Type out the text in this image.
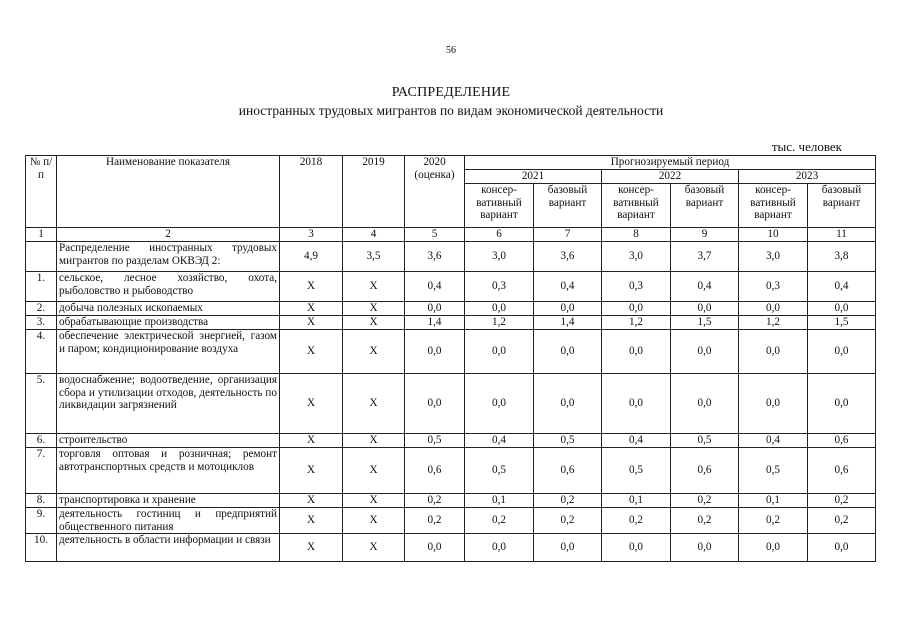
56
РАСПРЕДЕЛЕНИЕ
иностранных трудовых мигрантов по видам экономической деятельности
тыс. человек
№ п/п	Наименование показателя	2018	2019	2020 (оценка)	Прогнозируемый период					
					2021		2022		2023	
					консер-вативный вариант	базовый вариант	консер-вативный вариант	базовый вариант	консер-вативный вариант	базовый вариант
1	2	3	4	5	6	7	8	9	10	11
	Распределение иностранных трудовых мигрантов по разделам ОКВЭД 2:	4,9	3,5	3,6	3,0	3,6	3,0	3,7	3,0	3,8
1.	сельское, лесное хозяйство, охота, рыболовство и рыбоводство	Х	Х	0,4	0,3	0,4	0,3	0,4	0,3	0,4
2.	добыча полезных ископаемых	Х	Х	0,0	0,0	0,0	0,0	0,0	0,0	0,0
3.	обрабатывающие производства	Х	Х	1,4	1,2	1,4	1,2	1,5	1,2	1,5
4.	обеспечение электрической энергией, газом и паром; кондиционирование воздуха	Х	Х	0,0	0,0	0,0	0,0	0,0	0,0	0,0
5.	водоснабжение; водоотведение, организация сбора и утилизации отходов, деятельность по ликвидации загрязнений	Х	Х	0,0	0,0	0,0	0,0	0,0	0,0	0,0
6.	строительство	Х	Х	0,5	0,4	0,5	0,4	0,5	0,4	0,6
7.	торговля оптовая и розничная; ремонт автотранспортных средств и мотоциклов	Х	Х	0,6	0,5	0,6	0,5	0,6	0,5	0,6
8.	транспортировка и хранение	Х	Х	0,2	0,1	0,2	0,1	0,2	0,1	0,2
9.	деятельность гостиниц и предприятий общественного питания	Х	Х	0,2	0,2	0,2	0,2	0,2	0,2	0,2
10.	деятельность в области информации и связи	Х	Х	0,0	0,0	0,0	0,0	0,0	0,0	0,0
